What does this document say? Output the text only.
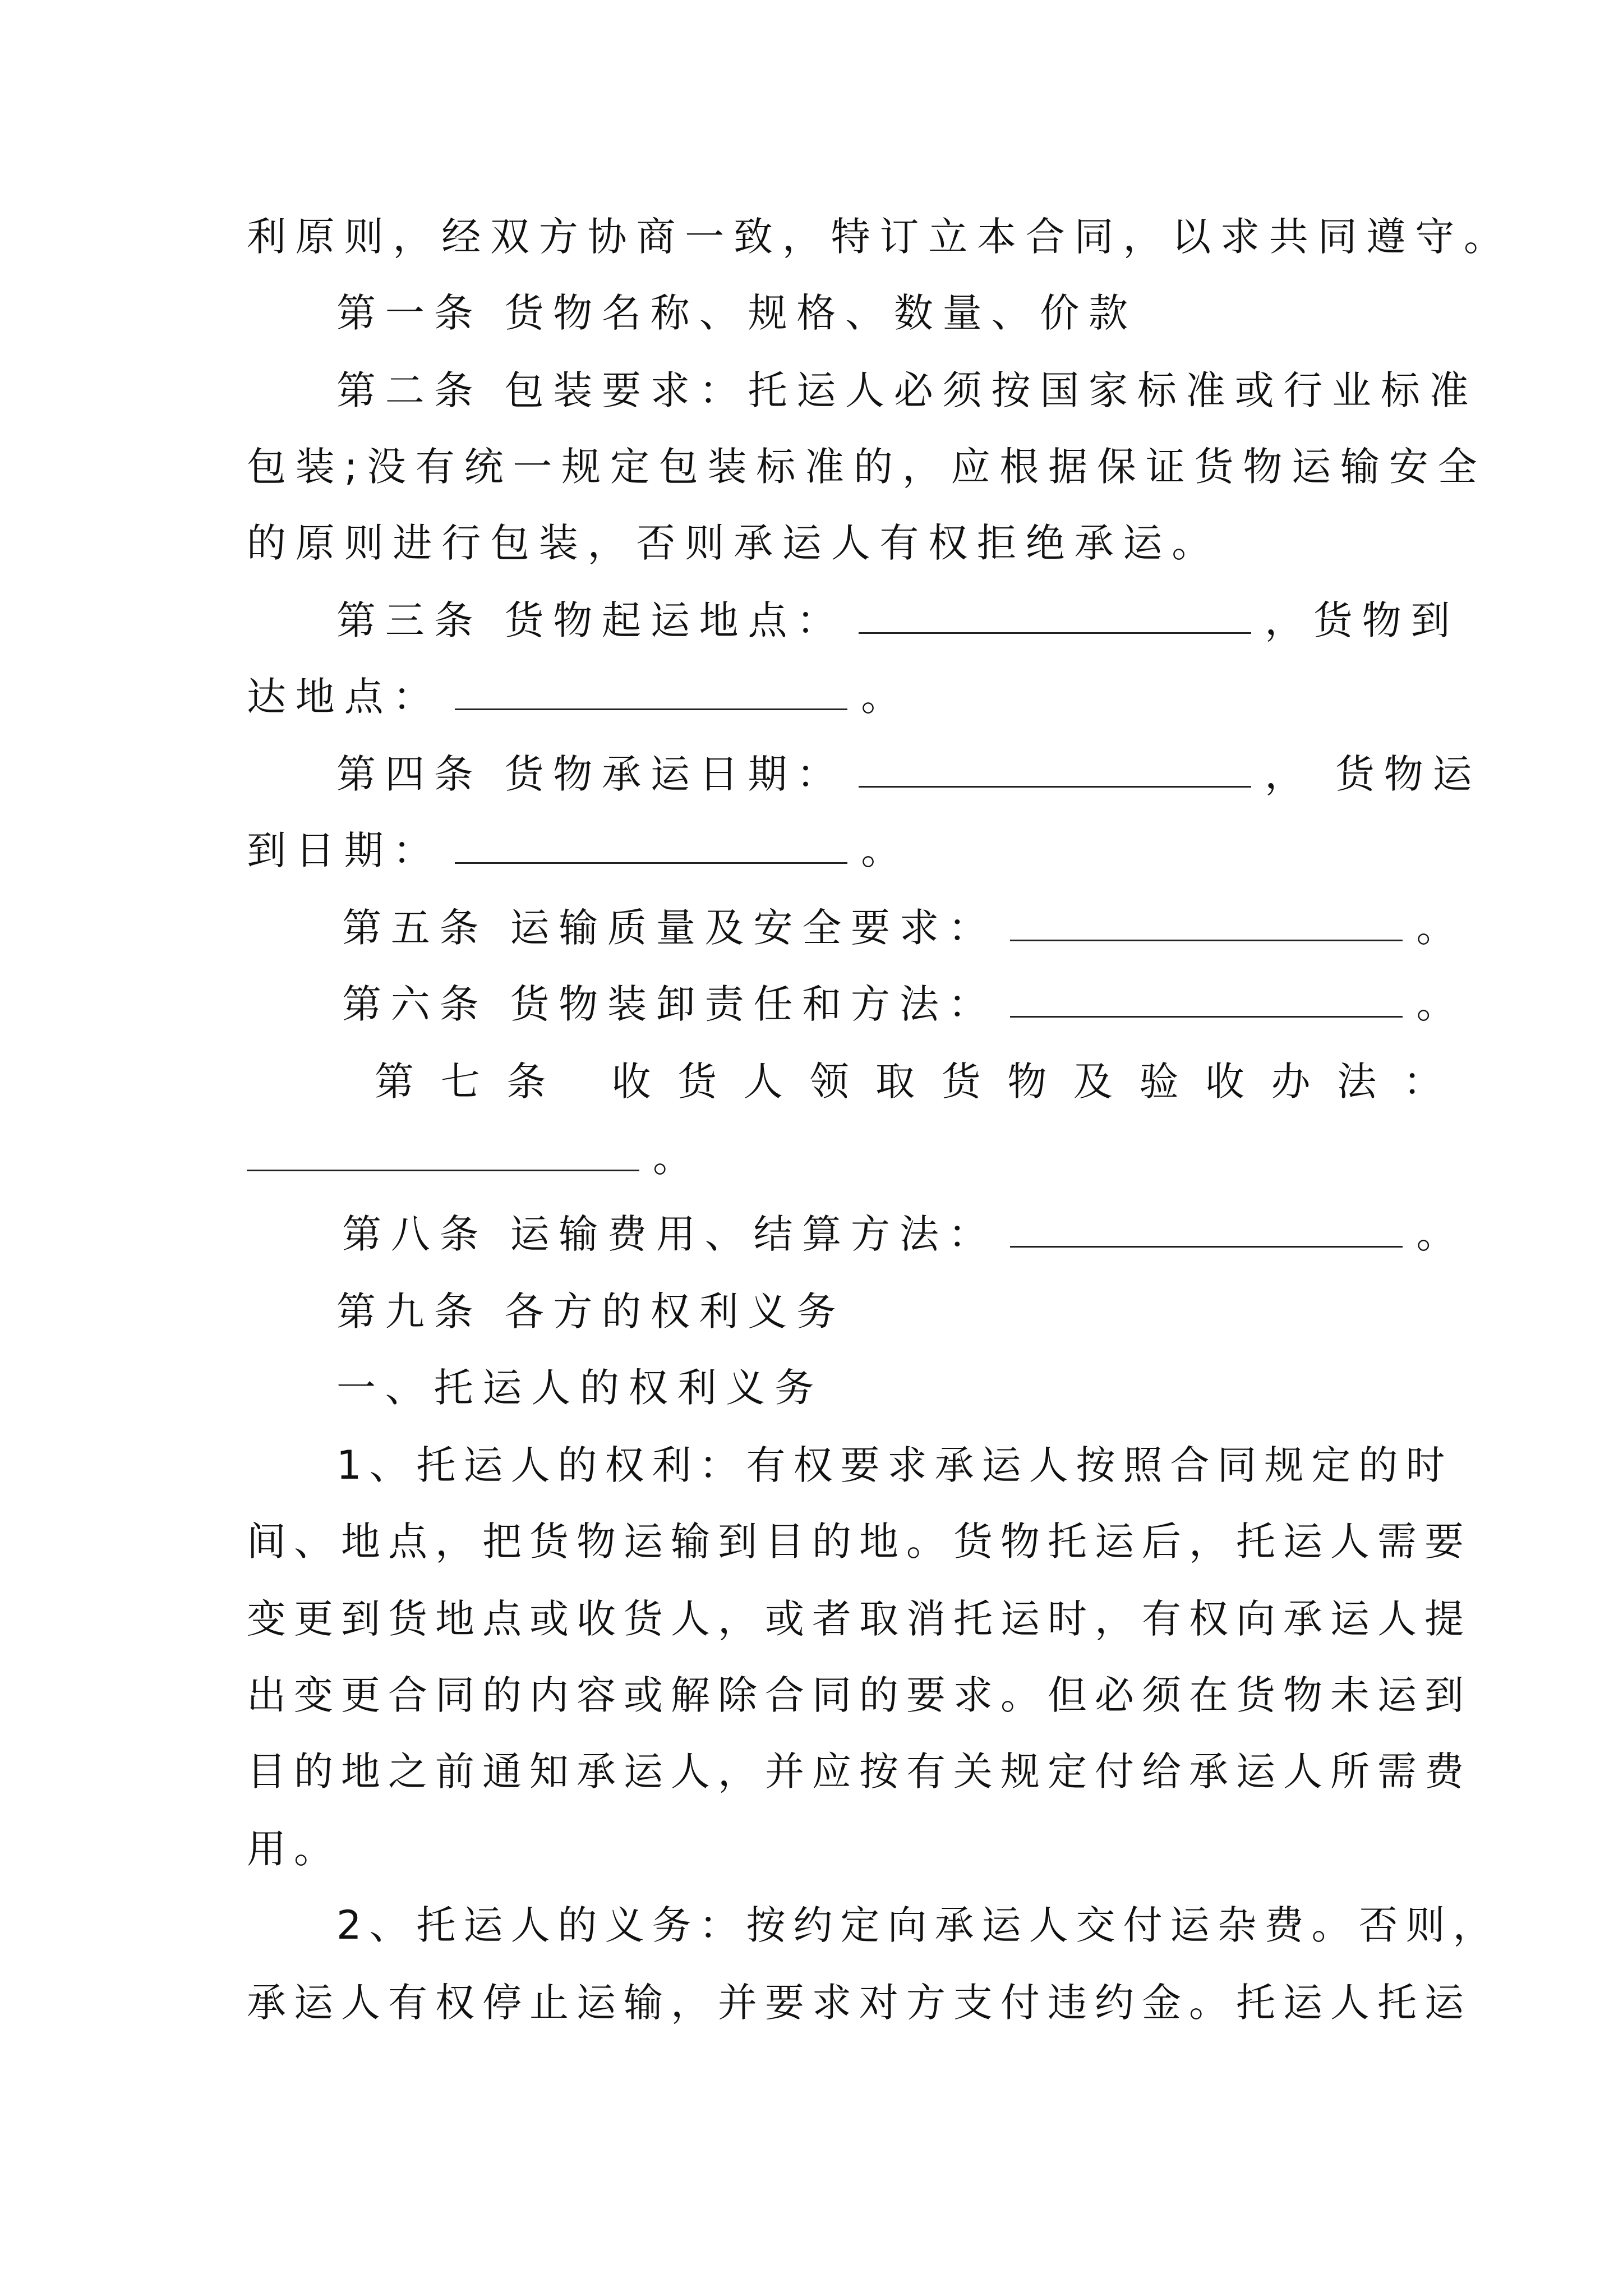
利原则，经双方协商一致，特订立本合同，以求共同遵守。
第一条 货物名称、规格、数量、价款
第二条 包装要求：托运人必须按国家标准或行业标准
包装;没有统一规定包装标准的，应根据保证货物运输安全
的原则进行包装，否则承运人有权拒绝承运。
第三条 货物起运地点：	，货物到
达地点：	。
第四条 货物承运日期：	， 货物运
到日期：	。
第五条 运输质量及安全要求：	。
第六条 货物装卸责任和方法：	。
第七条 收货人领取货物及验收办法：
。
第八条 运输费用、结算方法：	。
第九条 各方的权利义务
一、托运人的权利义务
1、托运人的权利：有权要求承运人按照合同规定的时
间、地点，把货物运输到目的地。货物托运后，托运人需要
变更到货地点或收货人，或者取消托运时，有权向承运人提
出变更合同的内容或解除合同的要求。但必须在货物未运到
目的地之前通知承运人，并应按有关规定付给承运人所需费
用。
2、托运人的义务：按约定向承运人交付运杂费。否则，
承运人有权停止运输，并要求对方支付违约金。托运人托运
